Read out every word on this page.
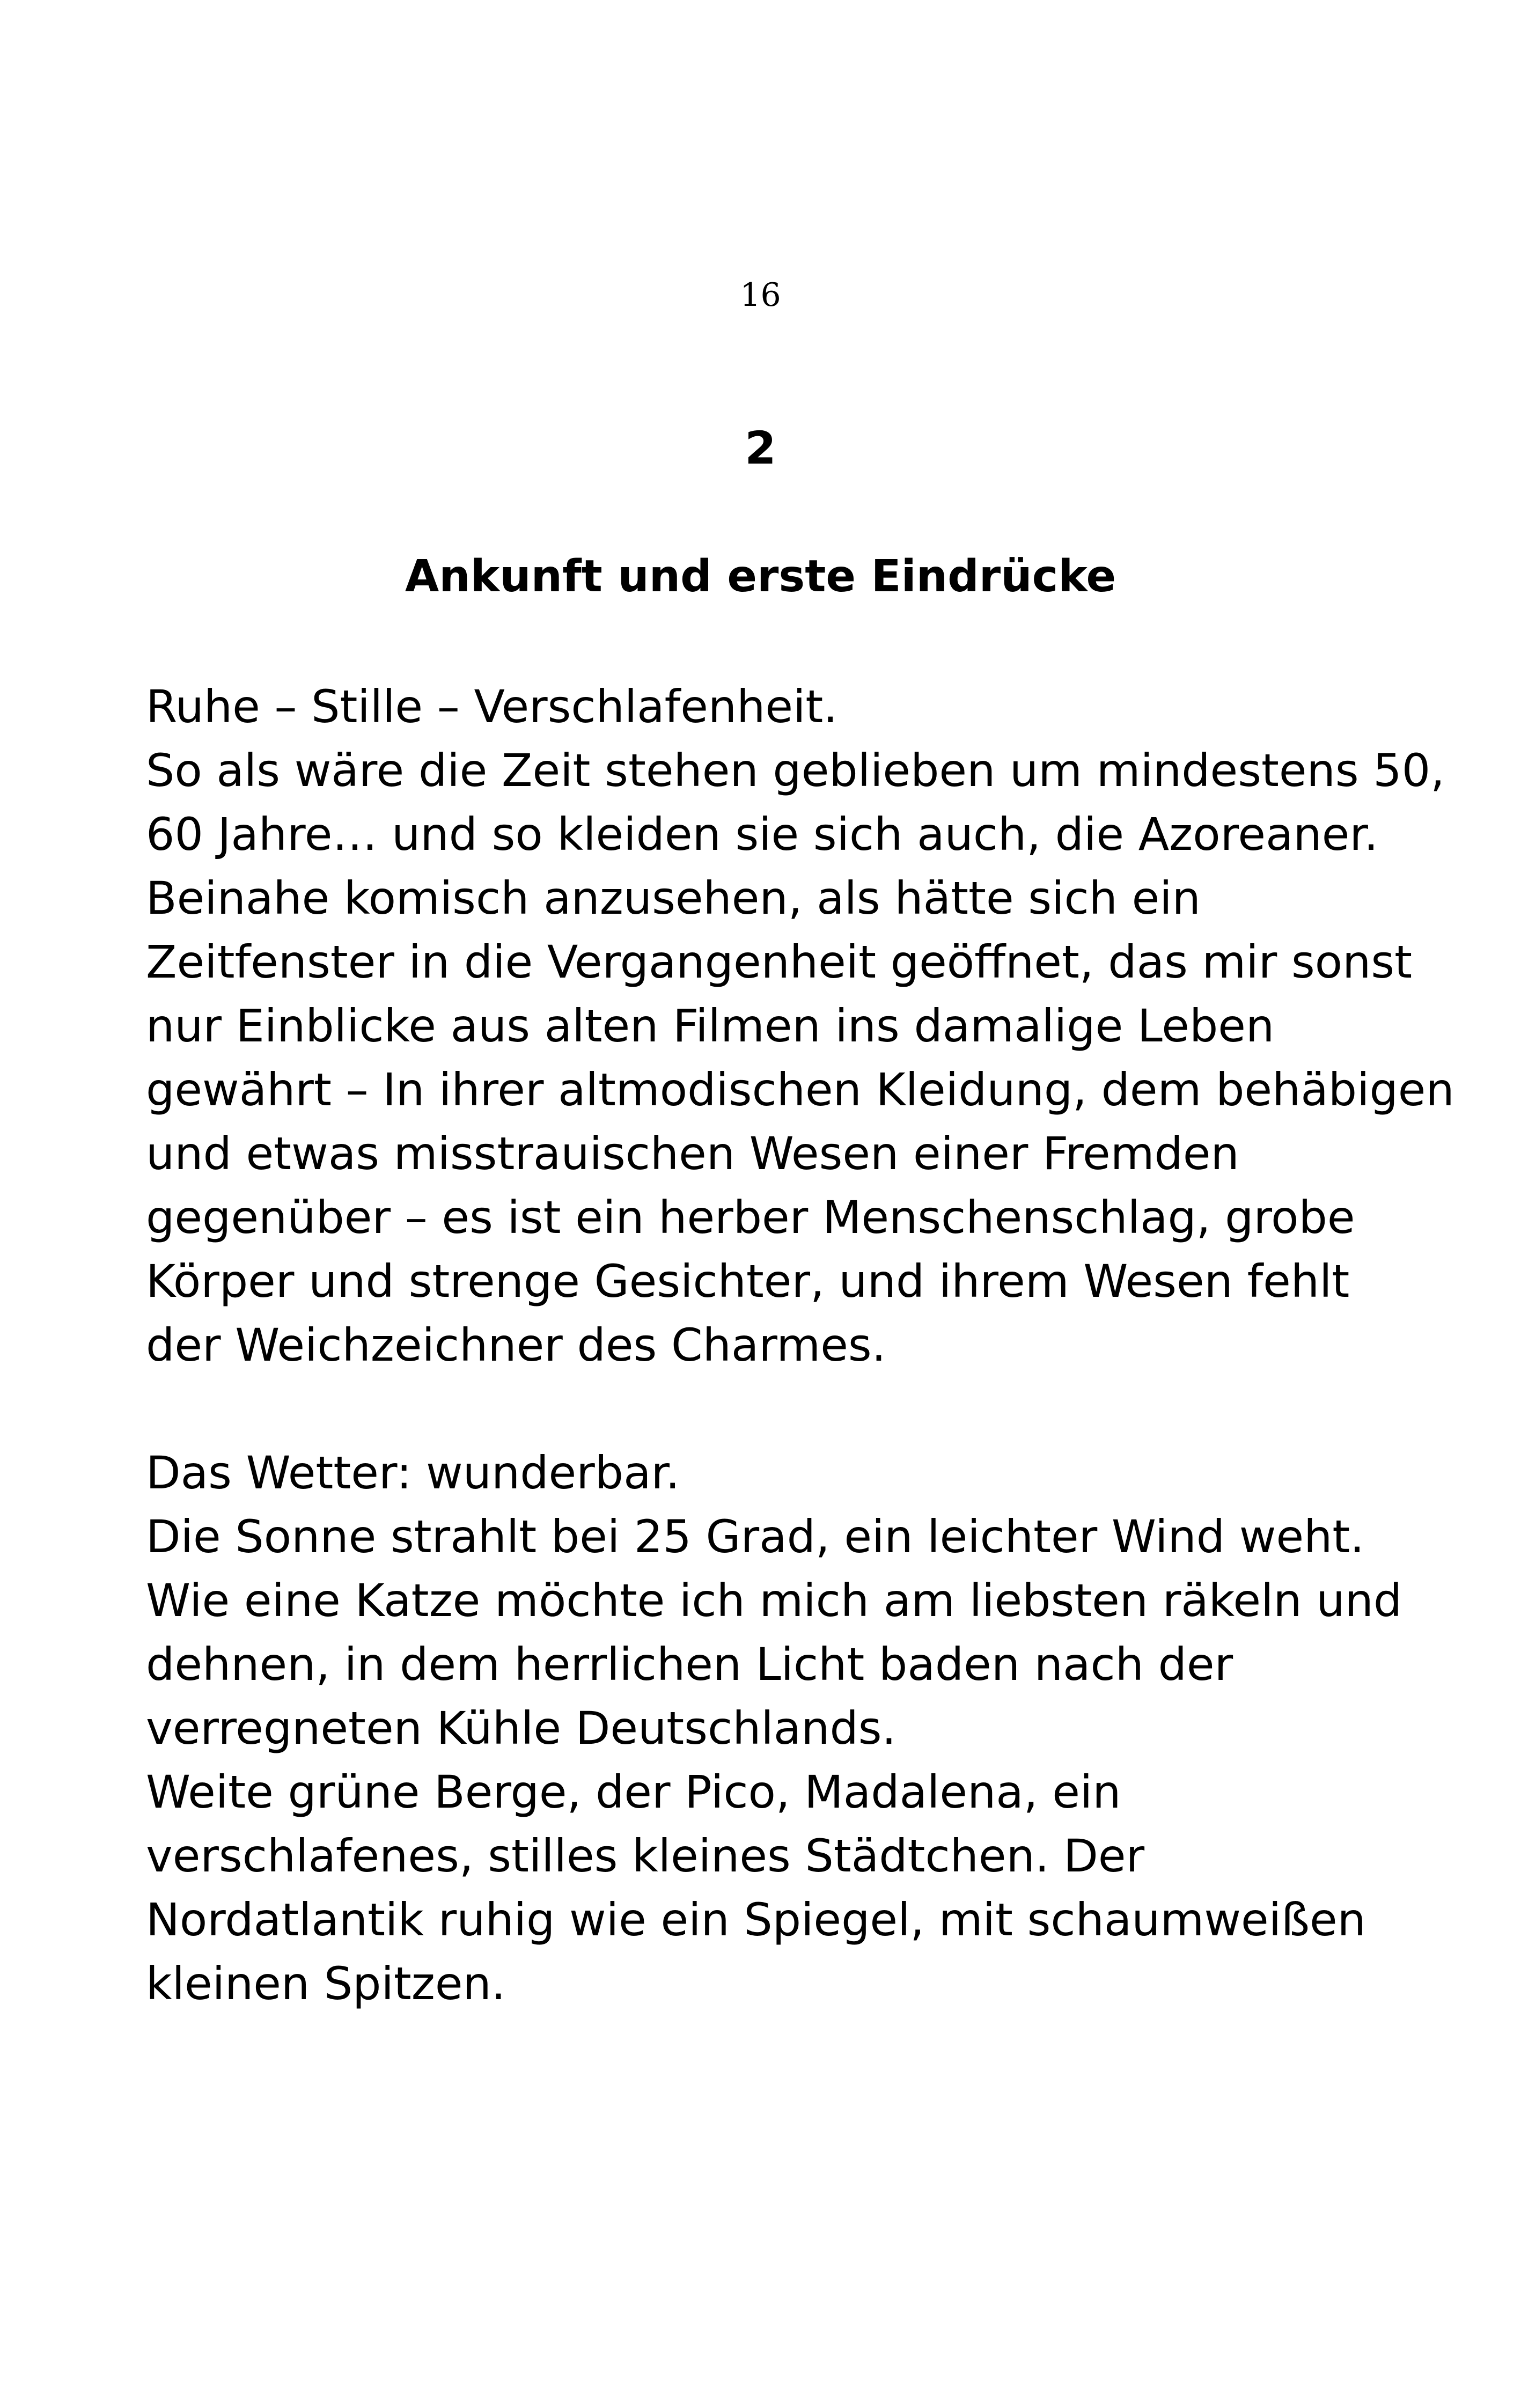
16
2
Ankunft und erste Eindrücke
Ruhe – Stille – Verschlafenheit.
So als wäre die Zeit stehen geblieben um mindestens 50,
60 Jahre… und so kleiden sie sich auch, die Azoreaner.
Beinahe komisch anzusehen, als hätte sich ein
Zeitfenster in die Vergangenheit geöffnet, das mir sonst
nur Einblicke aus alten Filmen ins damalige Leben
gewährt – In ihrer altmodischen Kleidung, dem behäbigen
und etwas misstrauischen Wesen einer Fremden
gegenüber – es ist ein herber Menschenschlag, grobe
Körper und strenge Gesichter, und ihrem Wesen fehlt
der Weichzeichner des Charmes.
Das Wetter: wunderbar.
Die Sonne strahlt bei 25 Grad, ein leichter Wind weht.
Wie eine Katze möchte ich mich am liebsten räkeln und
dehnen, in dem herrlichen Licht baden nach der
verregneten Kühle Deutschlands.
Weite grüne Berge, der Pico, Madalena, ein
verschlafenes, stilles kleines Städtchen. Der
Nordatlantik ruhig wie ein Spiegel, mit schaumweißen
kleinen Spitzen.
